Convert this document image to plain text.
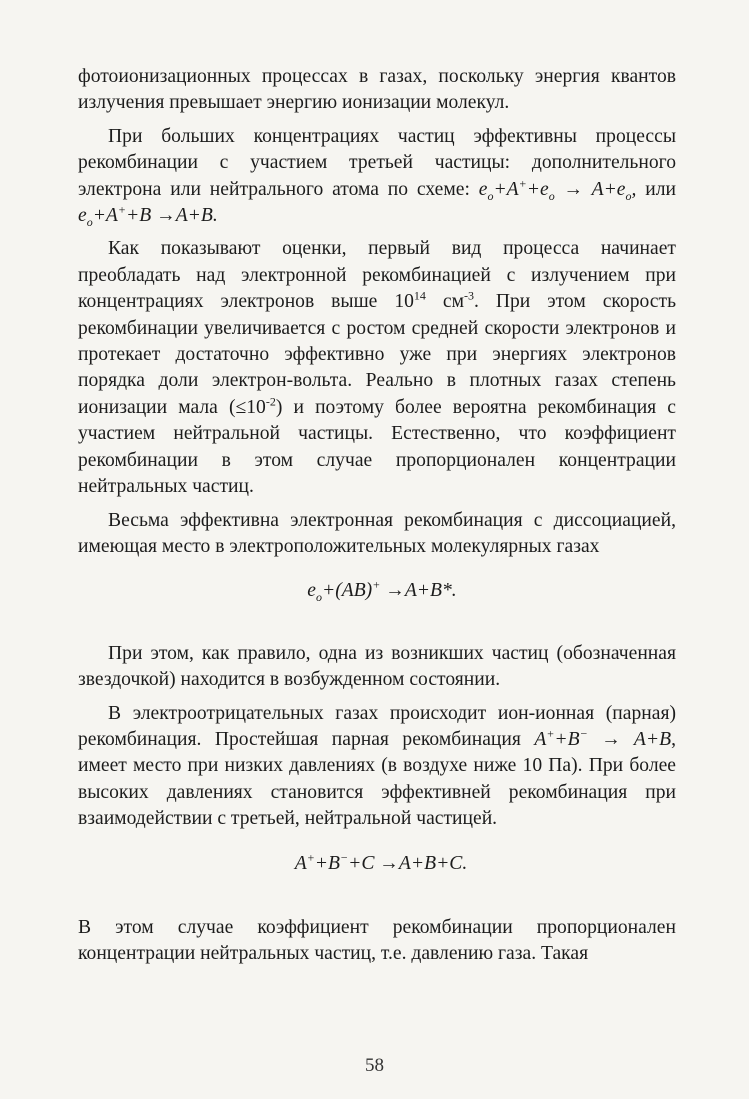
фотоионизационных процессах в газах, поскольку энергия квантов излучения превышает энергию ионизации молекул.

При больших концентрациях частиц эффективны процессы рекомбинации с участием третьей частицы: дополнительного электрона или нейтрального атома по схеме: $e_o+A^++e_o \to A+e_o$, или $e_o+A^++B \to A+B$.

Как показывают оценки, первый вид процесса начинает преобладать над электронной рекомбинацией с излучением при концентрациях электронов выше $10^{14}$ $см^{-3}$. При этом скорость рекомбинации увеличивается с ростом средней скорости электронов и протекает достаточно эффективно уже при энергиях электронов порядка доли электрон-вольта. Реально в плотных газах степень ионизации мала $(\le 10^{-2})$ и поэтому более вероятна рекомбинация с участием нейтральной частицы. Естественно, что коэффициент рекомбинации в этом случае пропорционален концентрации нейтральных частиц.

Весьма эффективна электронная рекомбинация с диссоциацией, имеющая место в электроположительных молекулярных газах

$e_o+(AB)^+ \to A+B*$.

При этом, как правило, одна из возникших частиц (обозначенная звездочкой) находится в возбужденном состоянии.

В электроотрицательных газах происходит ион-ионная (парная) рекомбинация. Простейшая парная рекомбинация A++B− → A+B, имеет место при низких давлениях (в воздухе ниже 10 Па). При более высоких давлениях становится эффективней рекомбинация при взаимодействии с третьей, нейтральной частицей.

A++B−+C →A+B+C.

В этом случае коэффициент рекомбинации пропорционален концентрации нейтральных частиц, т.е. давлению газа. Такая

58
